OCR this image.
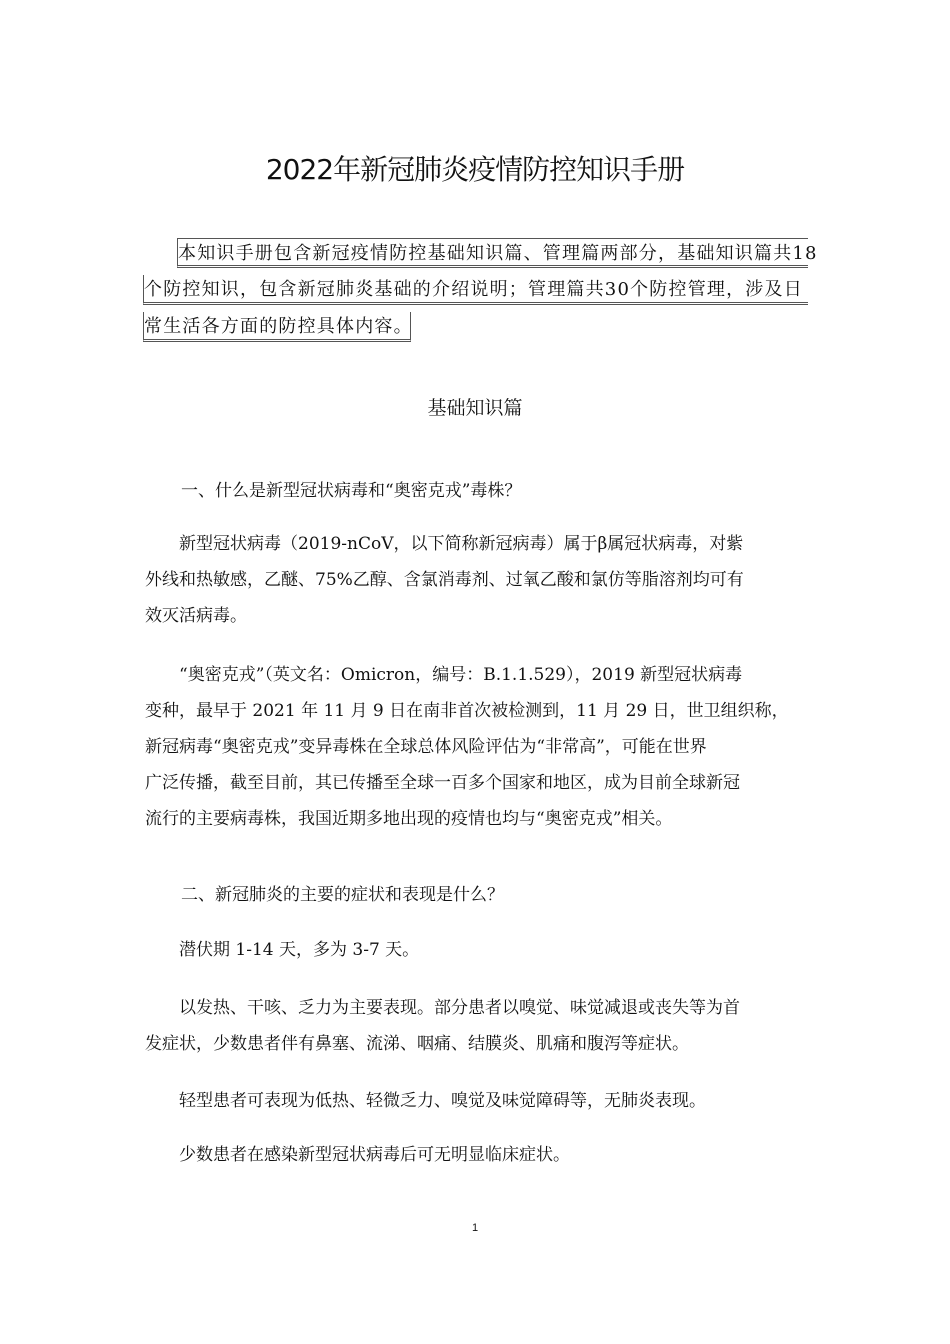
2022年新冠肺炎疫情防控知识手册
本知识手册包含新冠疫情防控基础知识篇、管理篇两部分，基础知识篇共18
个防控知识，包含新冠肺炎基础的介绍说明；管理篇共30个防控管理，涉及日
常生活各方面的防控具体内容。
基础知识篇
一、什么是新型冠状病毒和“奥密克戎”毒株？
　　新型冠状病毒（2019-nCoV，以下简称新冠病毒）属于β属冠状病毒，对紫
外线和热敏感，乙醚、75%乙醇、含氯消毒剂、过氧乙酸和氯仿等脂溶剂均可有
效灭活病毒。
　　“奥密克戎”（英文名：Omicron，编号：B.1.1.529），2019 新型冠状病毒
变种，最早于 2021 年 11 月 9 日在南非首次被检测到，11 月 29 日，世卫组织称，
新冠病毒“奥密克戎”变异毒株在全球总体风险评估为“非常高”，可能在世界
广泛传播，截至目前，其已传播至全球一百多个国家和地区，成为目前全球新冠
流行的主要病毒株，我国近期多地出现的疫情也均与“奥密克戎”相关。
二、新冠肺炎的主要的症状和表现是什么？
　　潜伏期 1-14 天，多为 3-7 天。
　　以发热、干咳、乏力为主要表现。部分患者以嗅觉、味觉减退或丧失等为首
发症状，少数患者伴有鼻塞、流涕、咽痛、结膜炎、肌痛和腹泻等症状。
　　轻型患者可表现为低热、轻微乏力、嗅觉及味觉障碍等，无肺炎表现。
　　少数患者在感染新型冠状病毒后可无明显临床症状。
1
